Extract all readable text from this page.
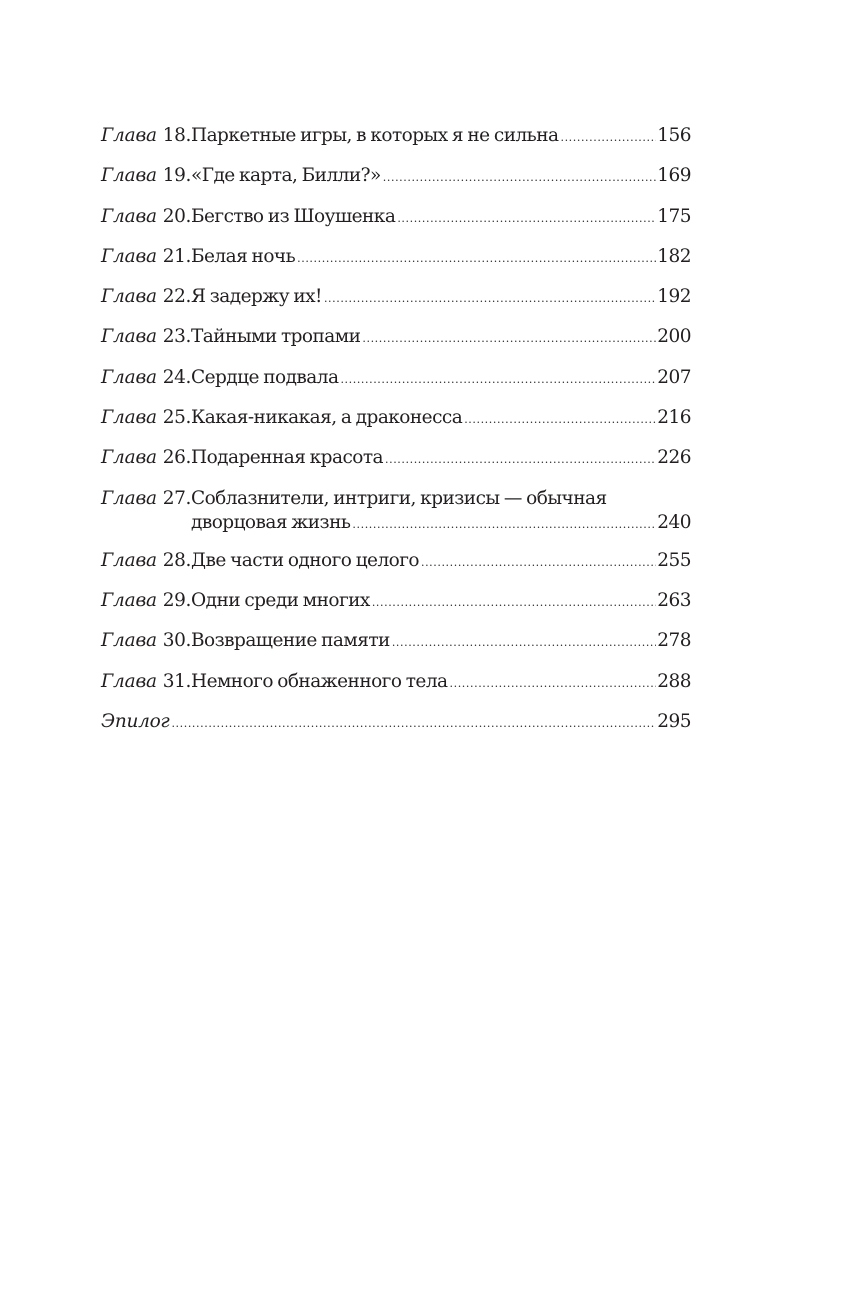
Глава 18. Паркетные игры, в которых я не сильна .....	156
Глава 19. «Где карта, Билли?» .....	169
Глава 20. Бегство из Шоушенка .....	175
Глава 21. Белая ночь .....	182
Глава 22. Я задержу их! .....	192
Глава 23. Тайными тропами .....	200
Глава 24. Сердце подвала .....	207
Глава 25. Какая-никакая, а драконесса .....	216
Глава 26. Подаренная красота .....	226
Глава 27. Соблазнители, интриги, кризисы — обычная
дворцовая жизнь .....	240
Глава 28. Две части одного целого .....	255
Глава 29. Одни среди многих .....	263
Глава 30. Возвращение памяти .....	278
Глава 31. Немного обнаженного тела .....	288
Эпилог .....	295
